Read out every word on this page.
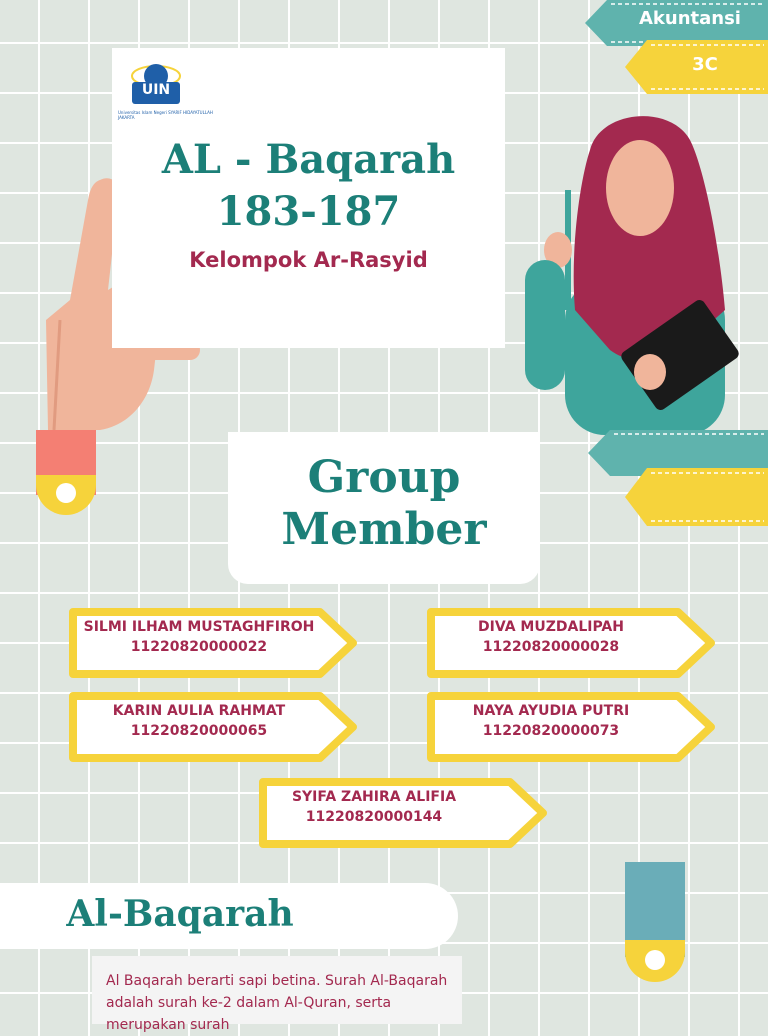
Akuntansi
3C
UIN
Universitas Islam Negeri SYARIF HIDAYATULLAH JAKARTA
AL - Baqarah
183-187
Kelompok Ar-Rasyid
Group
Member
SILMI ILHAM MUSTAGHFIROH
11220820000022
DIVA MUZDALIPAH
11220820000028
KARIN AULIA RAHMAT
11220820000065
NAYA AYUDIA PUTRI
11220820000073
SYIFA ZAHIRA ALIFIA
11220820000144
Al-Baqarah
Al Baqarah berarti sapi betina. Surah Al-Baqarah adalah surah ke-2 dalam Al-Quran, serta merupakan surah
